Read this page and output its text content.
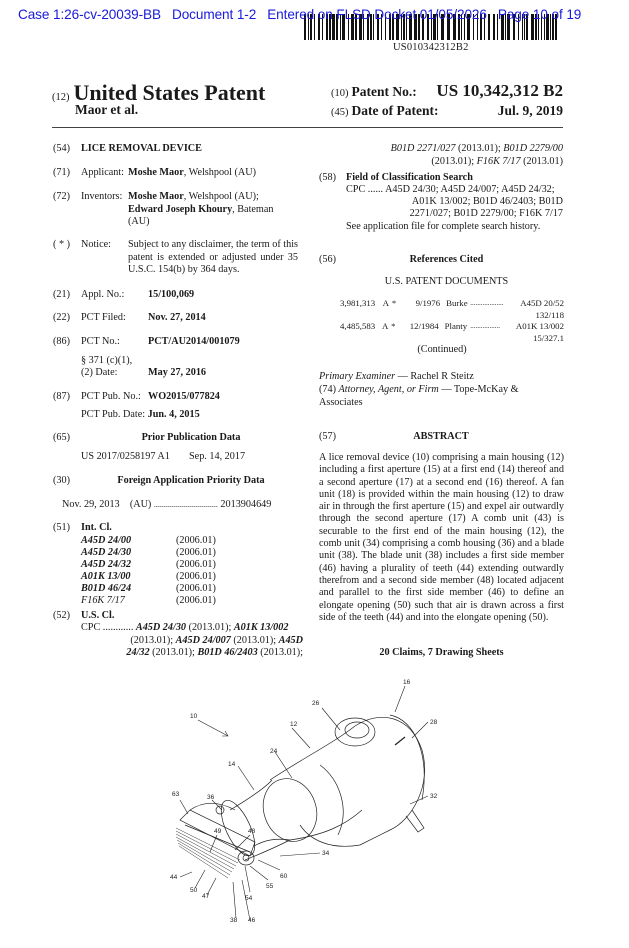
Case 1:26-cv-20039-BB   Document 1-2   Entered on FLSD Docket 01/05/2026   Page 10 of 19
US010342312B2
(12) United States Patent
Maor et al.
(10) Patent No.: US 10,342,312 B2
(45) Date of Patent:	Jul. 9, 2019
(54) LICE REMOVAL DEVICE
(71) Applicant: Moshe Maor, Welshpool (AU)
(72) Inventors: Moshe Maor, Welshpool (AU);
Edward Joseph Khoury, Bateman
(AU)
( * ) Notice: Subject to any disclaimer, the term of this patent is extended or adjusted under 35 U.S.C. 154(b) by 364 days.
(21) Appl. No.: 15/100,069
(22) PCT Filed: Nov. 27, 2014
(86) PCT No.:	PCT/AU2014/001079
§ 371 (c)(1),
(2) Date:	May 27, 2016
(87) PCT Pub. No.: WO2015/077824
PCT Pub. Date: Jun. 4, 2015
(65)	Prior Publication Data
US 2017/0258197 A1 Sep. 14, 2017
(30)	Foreign Application Priority Data
Nov. 29, 2013 (AU) ................................ 2013904649
(51) Int. Cl.
A45D 24/00	(2006.01)
A45D 24/30	(2006.01)
A45D 24/32	(2006.01)
A01K 13/00	(2006.01)
B01D 46/24	(2006.01)
F16K 7/17	(2006.01)
(52) U.S. Cl.
CPC ............ A45D 24/30 (2013.01); A01K 13/002
(2013.01); A45D 24/007 (2013.01); A45D
24/32 (2013.01); B01D 46/2403 (2013.01);
B01D 2271/027 (2013.01); B01D 2279/00
(2013.01); F16K 7/17 (2013.01)
(58) Field of Classification Search
CPC ...... A45D 24/30; A45D 24/007; A45D 24/32;
A01K 13/002; B01D 46/2403; B01D
2271/027; B01D 2279/00; F16K 7/17
See application file for complete search history.
(56)	References Cited
U.S. PATENT DOCUMENTS
3,981,313 A *	9/1976 Burke ...................	A45D 20/52
132/118
4,485,583 A *	12/1984 Planty .................	A01K 13/002
15/327.1
(Continued)
Primary Examiner — Rachel R Steitz
(74) Attorney, Agent, or Firm — Tope-McKay &
Associates
(57)	ABSTRACT
A lice removal device (10) comprising a main housing (12) including a first aperture (15) at a first end (14) thereof and a second aperture (17) at a second end (16) thereof. A fan unit (18) is provided within the main housing (12) to draw air in through the first aperture (15) and expel air outwardly through the second aperture (17) A comb unit (43) is securable to the first end of the main housing (12), the comb unit (34) comprising a comb housing (36) and a blade unit (38). The blade unit (38) includes a first side member (46) having a plurality of teeth (44) extending outwardly therefrom and a second side member (48) located adjacent and parallel to the first side member (46) to define an elongate opening (50) such that air is drawn across a first side of the teeth (44) and into the elongate opening (50).
20 Claims, 7 Drawing Sheets
10
12
14
16
24
26
28
32
34
36
38
44
46
47
48
49
50
54
55
60
63
